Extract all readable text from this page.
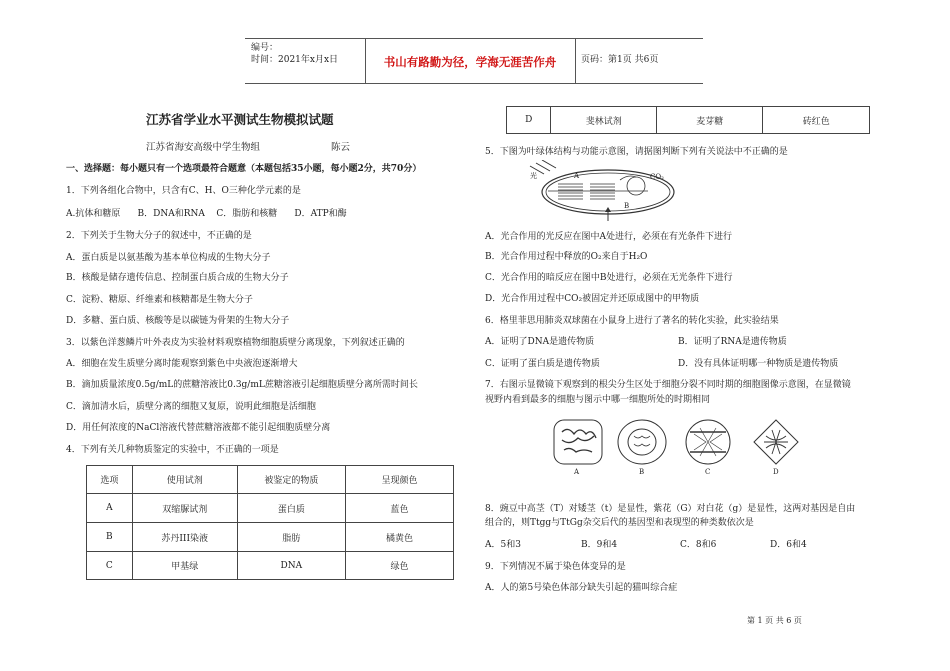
编号：
时间：2021年x月x日	书山有路勤为径，学海无涯苦作舟	页码：第1页 共6页
江苏省学业水平测试生物模拟试题
江苏省海安高级中学生物组	陈云
一、选择题：每小题只有一个选项最符合题意（本题包括35小题，每小题2分，共70分）
1．下列各组化合物中，只含有C、H、O三种化学元素的是
A.抗体和糖原      B．DNA和RNA    C．脂肪和核糖      D．ATP和酶
2．下列关于生物大分子的叙述中，不正确的是
A．蛋白质是以氨基酸为基本单位构成的生物大分子
B．核酸是储存遗传信息、控制蛋白质合成的生物大分子
C．淀粉、糖原、纤维素和核糖都是生物大分子
D．多糖、蛋白质、核酸等是以碳链为骨架的生物大分子
3．以紫色洋葱鳞片叶外表皮为实验材料观察植物细胞质壁分离现象，下列叙述正确的
A．细胞在发生质壁分离时能观察到紫色中央液泡逐渐增大
B．滴加质量浓度0.5g/mL的蔗糖溶液比0.3g/mL蔗糖溶液引起细胞质壁分离所需时间长
C．滴加清水后，质壁分离的细胞又复原，说明此细胞是活细胞
D．用任何浓度的NaCl溶液代替蔗糖溶液都不能引起细胞质壁分离
4．下列有关几种物质鉴定的实验中，不正确的一项是
选项	使用试剂	被鉴定的物质	呈现颜色
A	双缩脲试剂	蛋白质	蓝色
B	苏丹III染液	脂肪	橘黄色
C	甲基绿	DNA	绿色
D	斐林试剂	麦芽糖	砖红色
5．下图为叶绿体结构与功能示意图，请据图判断下列有关说法中不正确的是
A
B
CO₂
光
A．光合作用的光反应在图中A处进行，必须在有光条件下进行
B．光合作用过程中释放的O₂来自于H₂O
C．光合作用的暗反应在图中B处进行，必须在无光条件下进行
D．光合作用过程中CO₂被固定并还原成图中的甲物质
6．格里菲思用肺炎双球菌在小鼠身上进行了著名的转化实验，此实验结果
A．证明了DNA是遗传物质	B．证明了RNA是遗传物质
C．证明了蛋白质是遗传物质	D．没有具体证明哪一种物质是遗传物质
7．右图示显微镜下观察到的根尖分生区处于细胞分裂不同时期的细胞图像示意图，在显微镜
视野内看到最多的细胞与图示中哪一细胞所处的时期相同
A	B	C	D
8．豌豆中高茎（T）对矮茎（t）是显性，紫花（G）对白花（g）是显性，这两对基因是自由
组合的，则Ttgg与TtGg杂交后代的基因型和表现型的种类数依次是
A．5和3	B．9和4	C．8和6	D．6和4
9．下列情况不属于染色体变异的是
A．人的第5号染色体部分缺失引起的猫叫综合症
第 1 页 共 6 页
